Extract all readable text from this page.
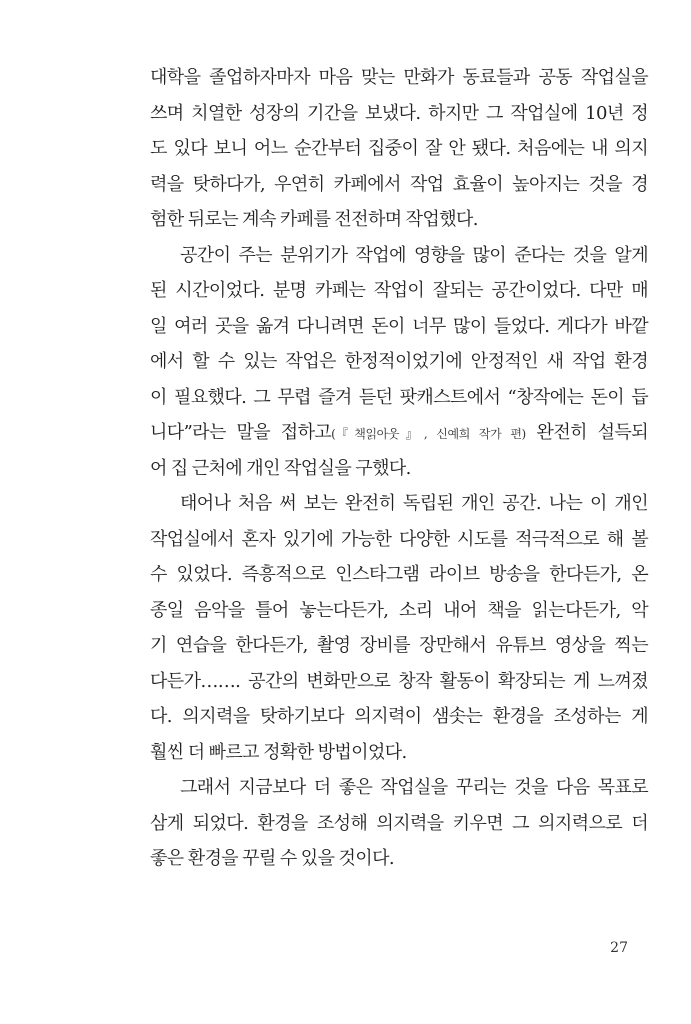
대학을 졸업하자마자 마음 맞는 만화가 동료들과 공동 작업실을
쓰며 치열한 성장의 기간을 보냈다. 하지만 그 작업실에 10년 정
도 있다 보니 어느 순간부터 집중이 잘 안 됐다. 처음에는 내 의지
력을 탓하다가, 우연히 카페에서 작업 효율이 높아지는 것을 경
험한 뒤로는 계속 카페를 전전하며 작업했다.
공간이 주는 분위기가 작업에 영향을 많이 준다는 것을 알게
된 시간이었다. 분명 카페는 작업이 잘되는 공간이었다. 다만 매
일 여러 곳을 옮겨 다니려면 돈이 너무 많이 들었다. 게다가 바깥
에서 할 수 있는 작업은 한정적이었기에 안정적인 새 작업 환경
이 필요했다. 그 무렵 즐겨 듣던 팟캐스트에서 “창작에는 돈이 듭
니다”라는 말을 접하고(『책읽아웃』, 신예희 작가 편) 완전히 설득되
어 집 근처에 개인 작업실을 구했다.
태어나 처음 써 보는 완전히 독립된 개인 공간. 나는 이 개인
작업실에서 혼자 있기에 가능한 다양한 시도를 적극적으로 해 볼
수 있었다. 즉흥적으로 인스타그램 라이브 방송을 한다든가, 온
종일 음악을 틀어 놓는다든가, 소리 내어 책을 읽는다든가, 악
기 연습을 한다든가, 촬영 장비를 장만해서 유튜브 영상을 찍는
다든가……. 공간의 변화만으로 창작 활동이 확장되는 게 느껴졌
다. 의지력을 탓하기보다 의지력이 샘솟는 환경을 조성하는 게
훨씬 더 빠르고 정확한 방법이었다.
그래서 지금보다 더 좋은 작업실을 꾸리는 것을 다음 목표로
삼게 되었다. 환경을 조성해 의지력을 키우면 그 의지력으로 더
좋은 환경을 꾸릴 수 있을 것이다.
27
